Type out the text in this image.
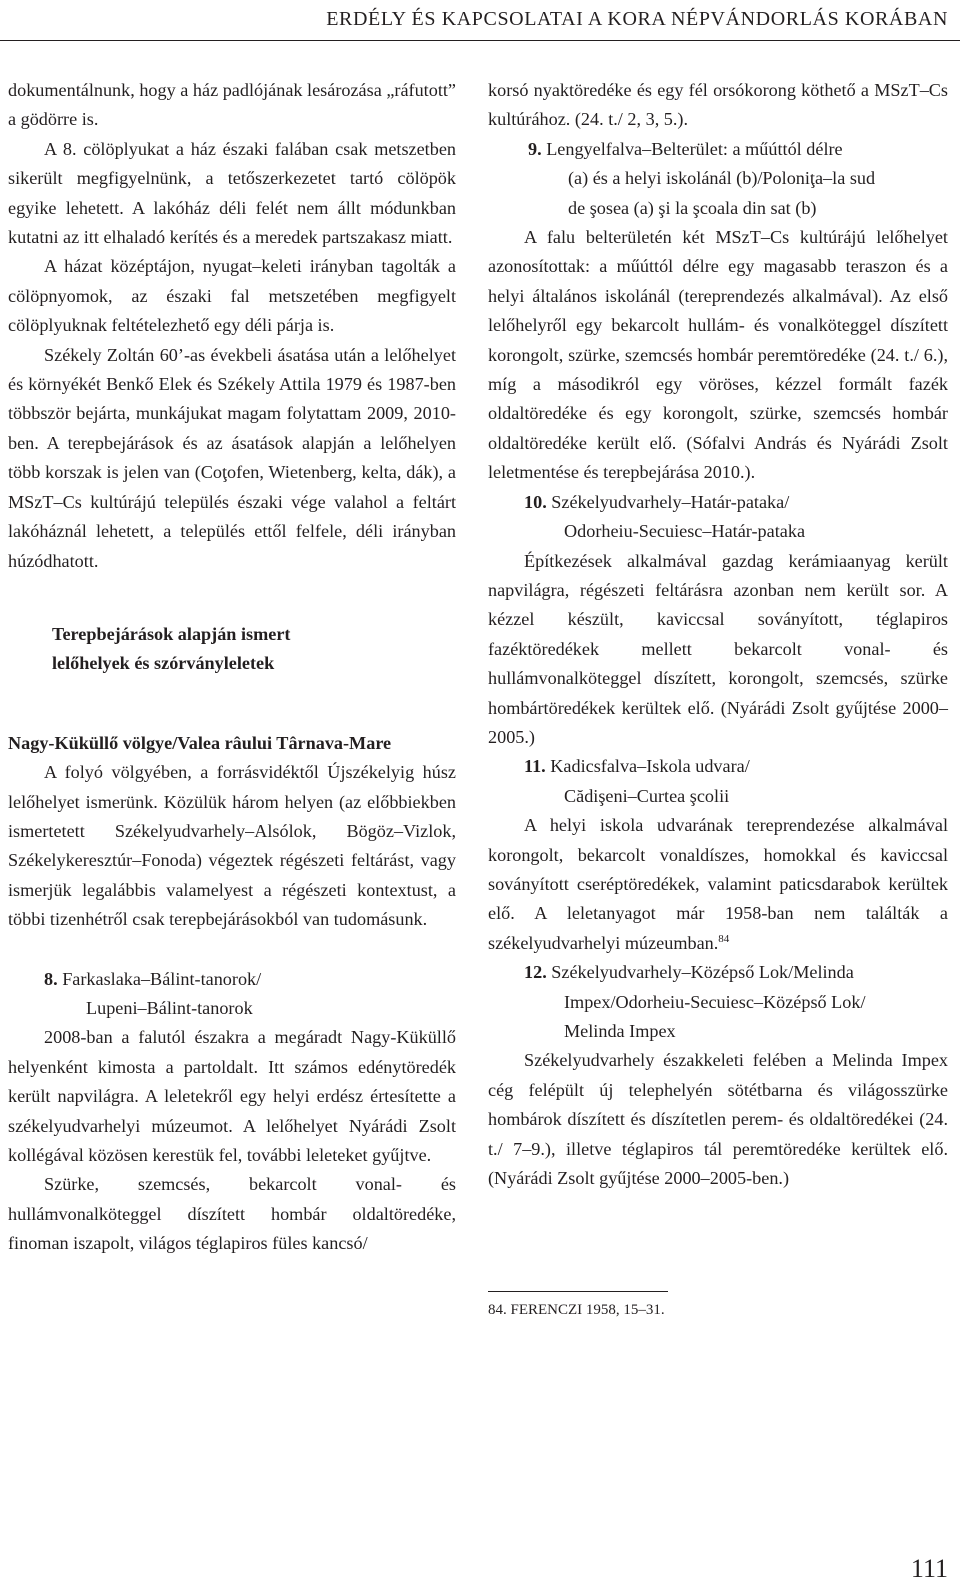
ERDÉLY ÉS KAPCSOLATAI A KORA NÉPVÁNDORLÁS KORÁBAN

dokumentálnunk, hogy a ház padlójának lesározása „ráfutott” a gödörre is.

A 8. cölöplyukat a ház északi falában csak metszetben sikerült megfigyelnünk, a tetőszerkezetet tartó cölöpök egyike lehetett. A lakóház déli felét nem állt módunkban kutatni az itt elhaladó kerítés és a meredek partszakasz miatt.

A házat középtájon, nyugat–keleti irányban tagolták a cölöpnyomok, az északi fal metszetében megfigyelt cölöplyuknak feltételezhető egy déli párja is.

Székely Zoltán 60’-as évekbeli ásatása után a lelőhelyet és környékét Benkő Elek és Székely Attila 1979 és 1987-ben többször bejárta, munkájukat magam folytattam 2009, 2010-ben. A terepbejárások és az ásatások alapján a lelőhelyen több korszak is jelen van (Coţofen, Wietenberg, kelta, dák), a MSzT–Cs kultúrájú település északi vége valahol a feltárt lakóháznál lehetett, a település ettől felfele, déli irányban húzódhatott.

Terepbejárások alapján ismert
lelőhelyek és szórványleletek

Nagy-Küküllő völgye/Valea râului Târnava-Mare

A folyó völgyében, a forrásvidéktől Újszékelyig húsz lelőhelyet ismerünk. Közülük három helyen (az előbbiekben ismertetett Székelyudvarhely–Alsólok, Bögöz–Vizlok, Székelykeresztúr–Fonoda) végeztek régészeti feltárást, vagy ismerjük legalábbis valamelyest a régészeti kontextust, a többi tizenhétről csak terepbejárásokból van tudomásunk.

8. Farkaslaka–Bálint-tanorok/
Lupeni–Bálint-tanorok

2008-ban a falutól északra a megáradt Nagy-Küküllő helyenként kimosta a partoldalt. Itt számos edénytöredék került napvilágra. A leletekről egy helyi erdész értesítette a székelyudvarhelyi múzeumot. A lelőhelyet Nyárádi Zsolt kollégával közösen kerestük fel, további leleteket gyűjtve.

Szürke, szemcsés, bekarcolt vonal- és hullámvonalköteggel díszített hombár oldaltöredéke, finoman iszapolt, világos téglapiros füles kancsó/

korsó nyaktöredéke és egy fél orsókorong köthető a MSzT–Cs kultúrához. (24. t./ 2, 3, 5.).

9. Lengyelfalva–Belterület: a műúttól délre
(a) és a helyi iskolánál (b)/Poloniţa–la sud
de şosea (a) şi la şcoala din sat (b)

A falu belterületén két MSzT–Cs kultúrájú lelőhelyet azonosítottak: a műúttól délre egy magasabb teraszon és a helyi általános iskolánál (tereprendezés alkalmával). Az első lelőhelyről egy bekarcolt hullám- és vonalköteggel díszített korongolt, szürke, szemcsés hombár peremtöredéke (24. t./ 6.), míg a másodikról egy vöröses, kézzel formált fazék oldaltöredéke és egy korongolt, szürke, szemcsés hombár oldaltöredéke került elő. (Sófalvi András és Nyárádi Zsolt leletmentése és terepbejárása 2010.).

10. Székelyudvarhely–Határ-pataka/
Odorheiu-Secuiesc–Határ-pataka

Építkezések alkalmával gazdag kerámiaanyag került napvilágra, régészeti feltárásra azonban nem került sor. A kézzel készült, kaviccsal soványított, téglapiros fazéktöredékek mellett bekarcolt vonal- és hullámvonalköteggel díszített, korongolt, szemcsés, szürke hombártöredékek kerültek elő. (Nyárádi Zsolt gyűjtése 2000–2005.)

11. Kadicsfalva–Iskola udvara/
Cădişeni–Curtea şcolii

A helyi iskola udvarának tereprendezése alkalmával korongolt, bekarcolt vonaldíszes, homokkal és kaviccsal soványított cseréptöredékek, valamint paticsdarabok kerültek elő. A leletanyagot már 1958-ban nem találták a székelyudvarhelyi múzeumban.$^{84}$

12. Székelyudvarhely–Középső Lok/Melinda
Impex/Odorheiu-Secuiesc–Középső Lok/
Melinda Impex

Székelyudvarhely északkeleti felében a Melinda Impex cég felépült új telephelyén sötétbarna és világosszürke hombárok díszített és díszítetlen perem- és oldaltöredékei (24. t./ 7–9.), illetve téglapiros tál peremtöredéke kerültek elő. (Nyárádi Zsolt gyűjtése 2000–2005-ben.)

84. FERENCZI 1958, 15–31.

111
